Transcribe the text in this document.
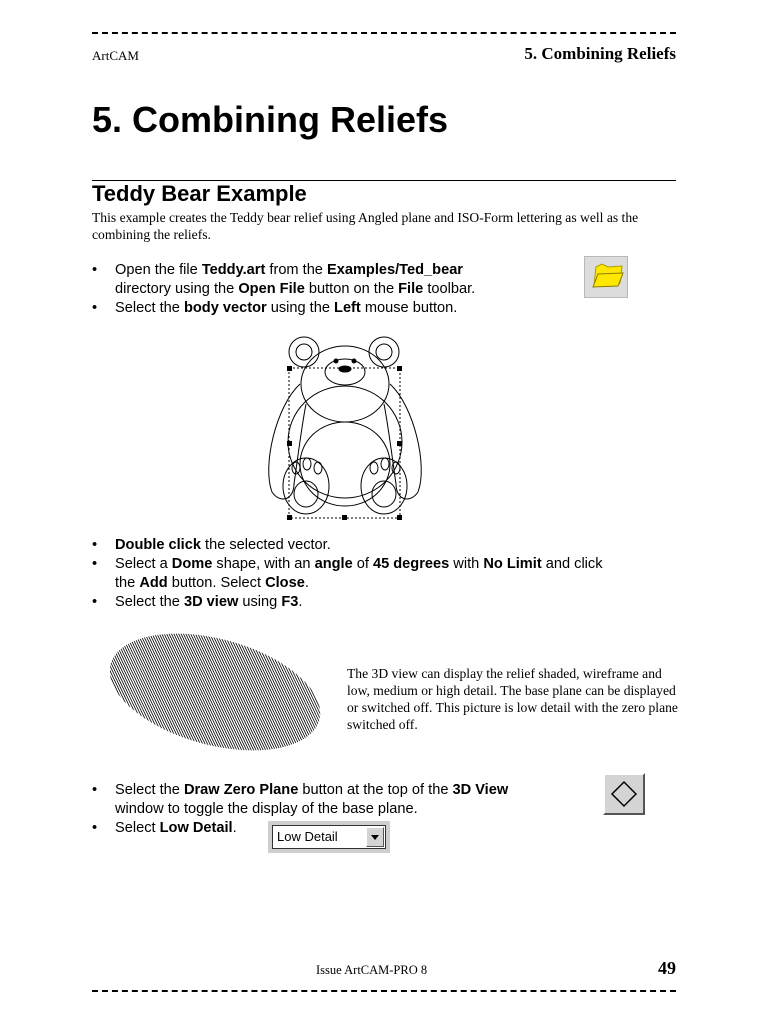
ArtCAM	5. Combining Reliefs
5. Combining Reliefs
Teddy Bear Example

This example creates the Teddy bear relief using Angled plane and ISO-Form lettering as well as the combining the reliefs.

• Open the file Teddy.art from the Examples/Ted_bear
directory using the Open File button on the File toolbar.
• Select the body vector using the Left mouse button.
• Double click the selected vector.
• Select a Dome shape, with an angle of 45 degrees with No Limit and click
the Add button. Select Close.
• Select the 3D view using F3.

The 3D view can display the relief shaded, wireframe and low, medium or high detail. The base plane can be displayed or switched off. This picture is low detail with the zero plane switched off.

• Select the Draw Zero Plane button at the top of the 3D View
window to toggle the display of the base plane.
• Select Low Detail.
Low Detail
Issue ArtCAM-PRO 8	49
